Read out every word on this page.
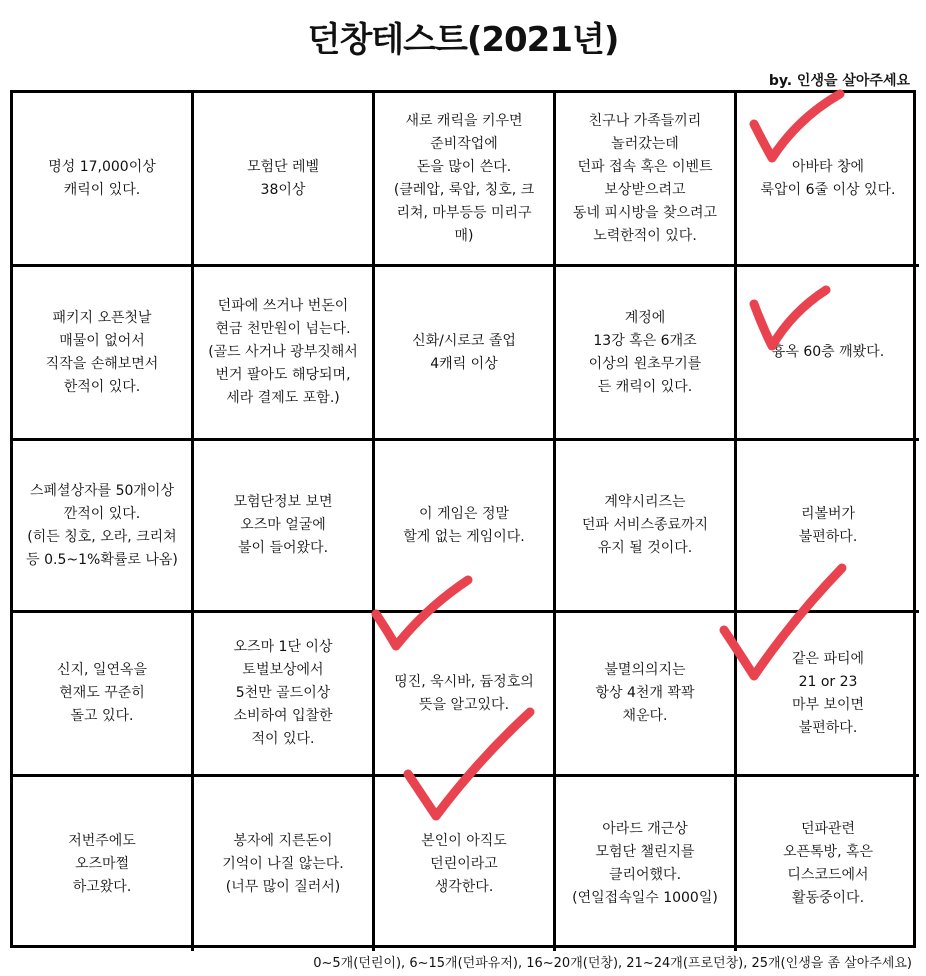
던창테스트(2021년)
by. 인생을 살아주세요
명성 17,000이상
캐릭이 있다.
모험단 레벨
38이상
새로 캐릭을 키우면
준비작업에
돈을 많이 쓴다.
(클레압, 룩압, 칭호, 크
리쳐, 마부등등 미리구
매)
친구나 가족들끼리
놀러갔는데
던파 접속 혹은 이벤트
보상받으려고
동네 피시방을 찾으려고
노력한적이 있다.
아바타 창에
룩압이 6줄 이상 있다.
패키지 오픈첫날
매물이 없어서
직작을 손해보면서
한적이 있다.
던파에 쓰거나 번돈이
현금 천만원이 넘는다.
(골드 사거나 광부짓해서
번거 팔아도 해당되며,
세라 결제도 포함.)
신화/시로코 졸업
4캐릭 이상
계정에
13강 혹은 6개조
이상의 원초무기를
든 캐릭이 있다.
흉옥 60층 깨봤다.
스페셜상자를 50개이상
깐적이 있다.
(히든 칭호, 오라, 크리쳐
등 0.5~1%확률로 나옴)
모험단정보 보면
오즈마 얼굴에
불이 들어왔다.
이 게임은 정말
할게 없는 게임이다.
계약시리즈는
던파 서비스종료까지
유지 될 것이다.
리볼버가
불편하다.
신지, 일연옥을
현재도 꾸준히
돌고 있다.
오즈마 1단 이상
토벌보상에서
5천만 골드이상
소비하여 입찰한
적이 있다.
띵진, 욱시바, 듐정호의
뜻을 알고있다.
불멸의의지는
항상 4천개 꽉꽉
채운다.
같은 파티에
21 or 23
마부 보이면
불편하다.
저번주에도
오즈마쩔
하고왔다.
봉자에 지른돈이
기억이 나질 않는다.
(너무 많이 질러서)
본인이 아직도
던린이라고
생각한다.
아라드 개근상
모험단 챌린지를
클리어했다.
(연일접속일수 1000일)
던파관련
오픈톡방, 혹은
디스코드에서
활동중이다.
0~5개(던린이), 6~15개(던파유저), 16~20개(던창), 21~24개(프로던창), 25개(인생을 좀 살아주세요)
